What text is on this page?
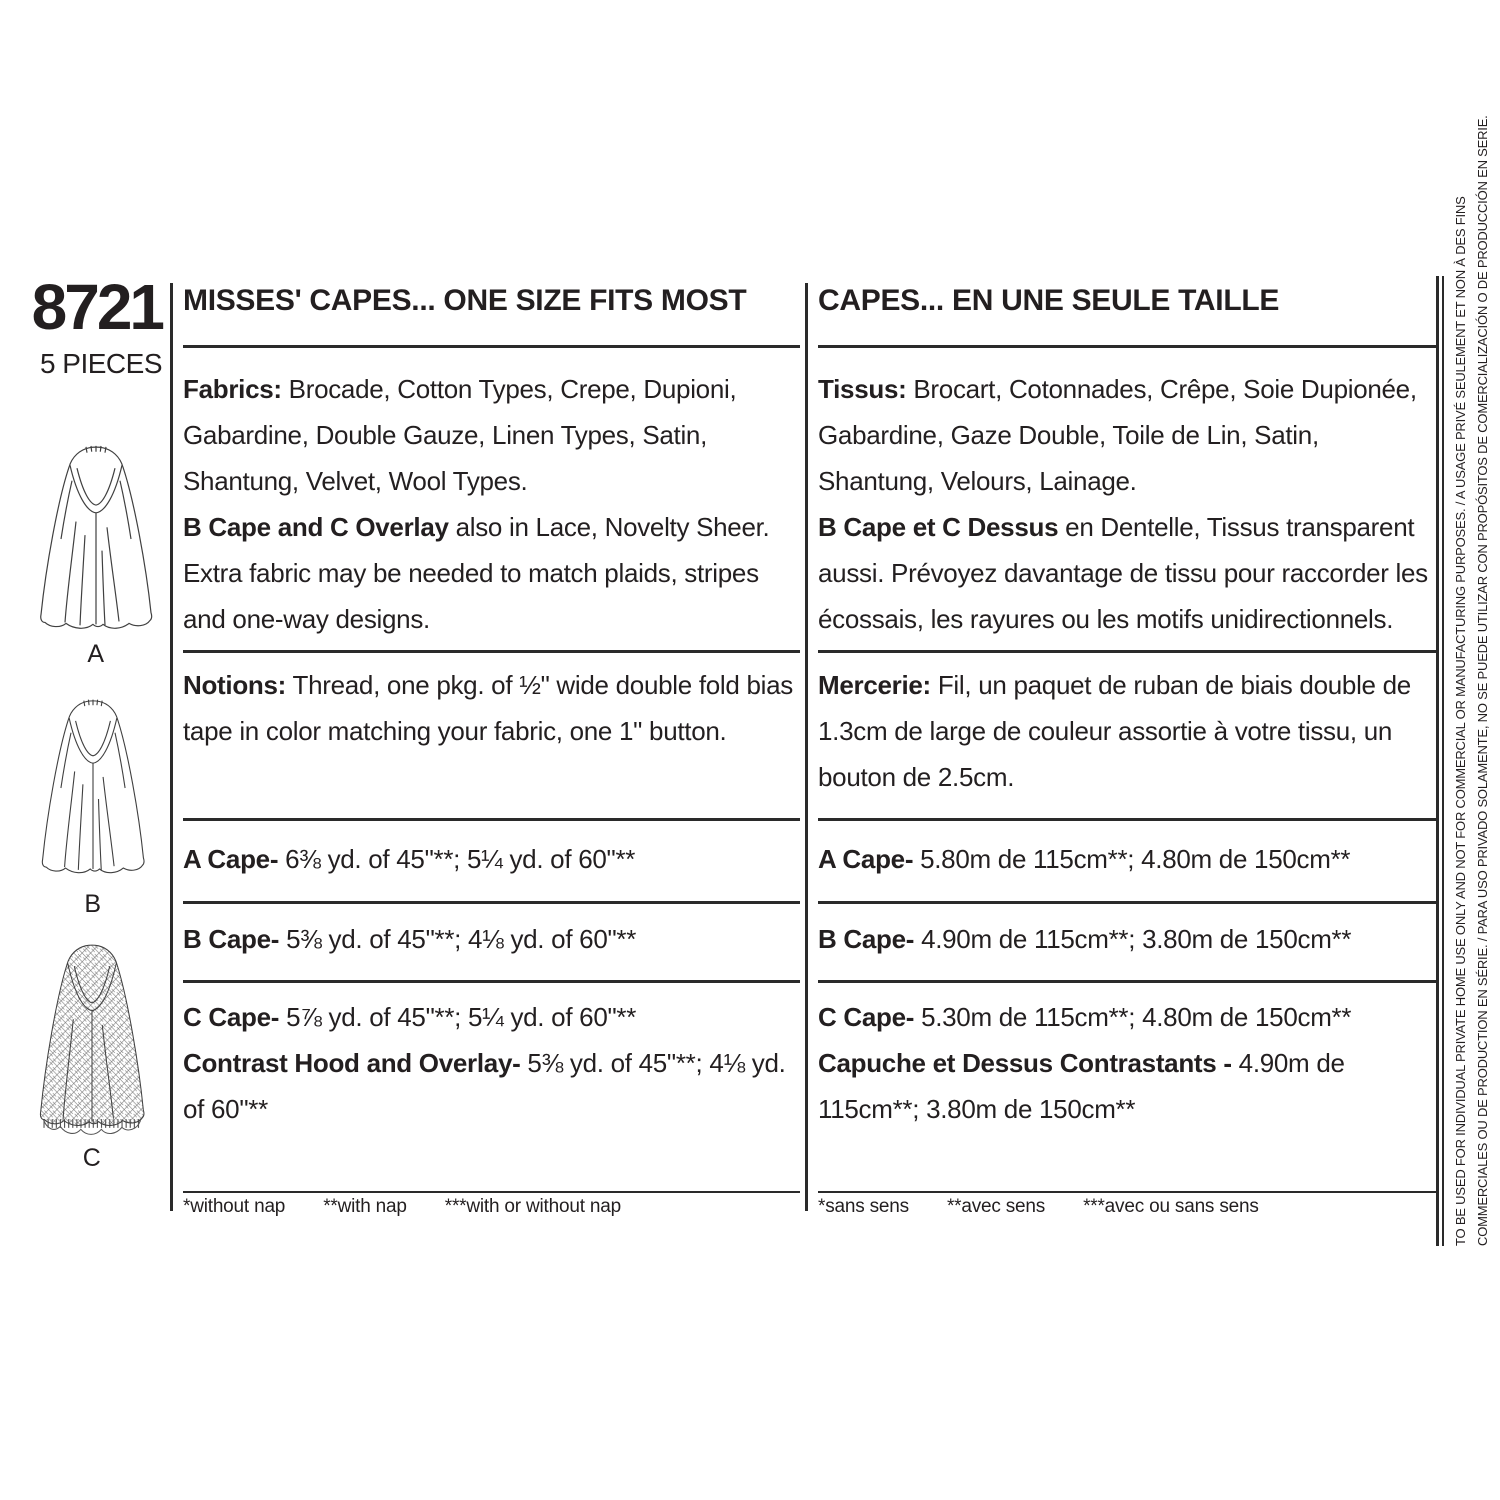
8721
5 PIECES
A
B
C
MISSES' CAPES... ONE SIZE FITS MOST

Fabrics: Brocade, Cotton Types, Crepe, Dupioni, Gabardine, Double Gauze, Linen Types, Satin, Shantung, Velvet, Wool Types.

B Cape and C Overlay also in Lace, Novelty Sheer. Extra fabric may be needed to match plaids, stripes and one-way designs.

Notions: Thread, one pkg. of ½" wide double fold bias tape in color matching your fabric, one 1" button.

A Cape- 6⅜ yd. of 45"**; 5¼ yd. of 60"**

B Cape- 5⅜ yd. of 45"**; 4⅛ yd. of 60"**

C Cape- 5⅞ yd. of 45"**; 5¼ yd. of 60"**

Contrast Hood and Overlay- 5⅜ yd. of 45"**; 4⅛ yd. of 60"**

*without nap **with nap ***with or without nap
CAPES... EN UNE SEULE TAILLE

Tissus: Brocart, Cotonnades, Crêpe, Soie Dupionée, Gabardine, Gaze Double, Toile de Lin, Satin, Shantung, Velours, Lainage.

B Cape et C Dessus en Dentelle, Tissus transparent aussi. Prévoyez davantage de tissu pour raccorder les écossais, les rayures ou les motifs unidirectionnels.

Mercerie: Fil, un paquet de ruban de biais double de 1.3cm de large de couleur assortie à votre tissu, un bouton de 2.5cm.

A Cape- 5.80m de 115cm**; 4.80m de 150cm**

B Cape- 4.90m de 115cm**; 3.80m de 150cm**

C Cape- 5.30m de 115cm**; 4.80m de 150cm**

Capuche et Dessus Contrastants - 4.90m de 115cm**; 3.80m de 150cm**

*sans sens **avec sens ***avec ou sans sens	TO BE USED FOR INDIVIDUAL PRIVATE HOME USE ONLY AND NOT FOR COMMERCIAL OR MANUFACTURING PURPOSES. / A USAGE PRIVÉ SEULEMENT ET NON À DES FINS COMMERCIALES OU DE PRODUCTION EN SÉRIE. / PARA USO PRIVADO SOLAMENTE, NO SE PUEDE UTILIZAR CON PROPÓSITOS DE COMERCIALIZACIÓN O DE PRODUCCIÓN EN SERIE.
